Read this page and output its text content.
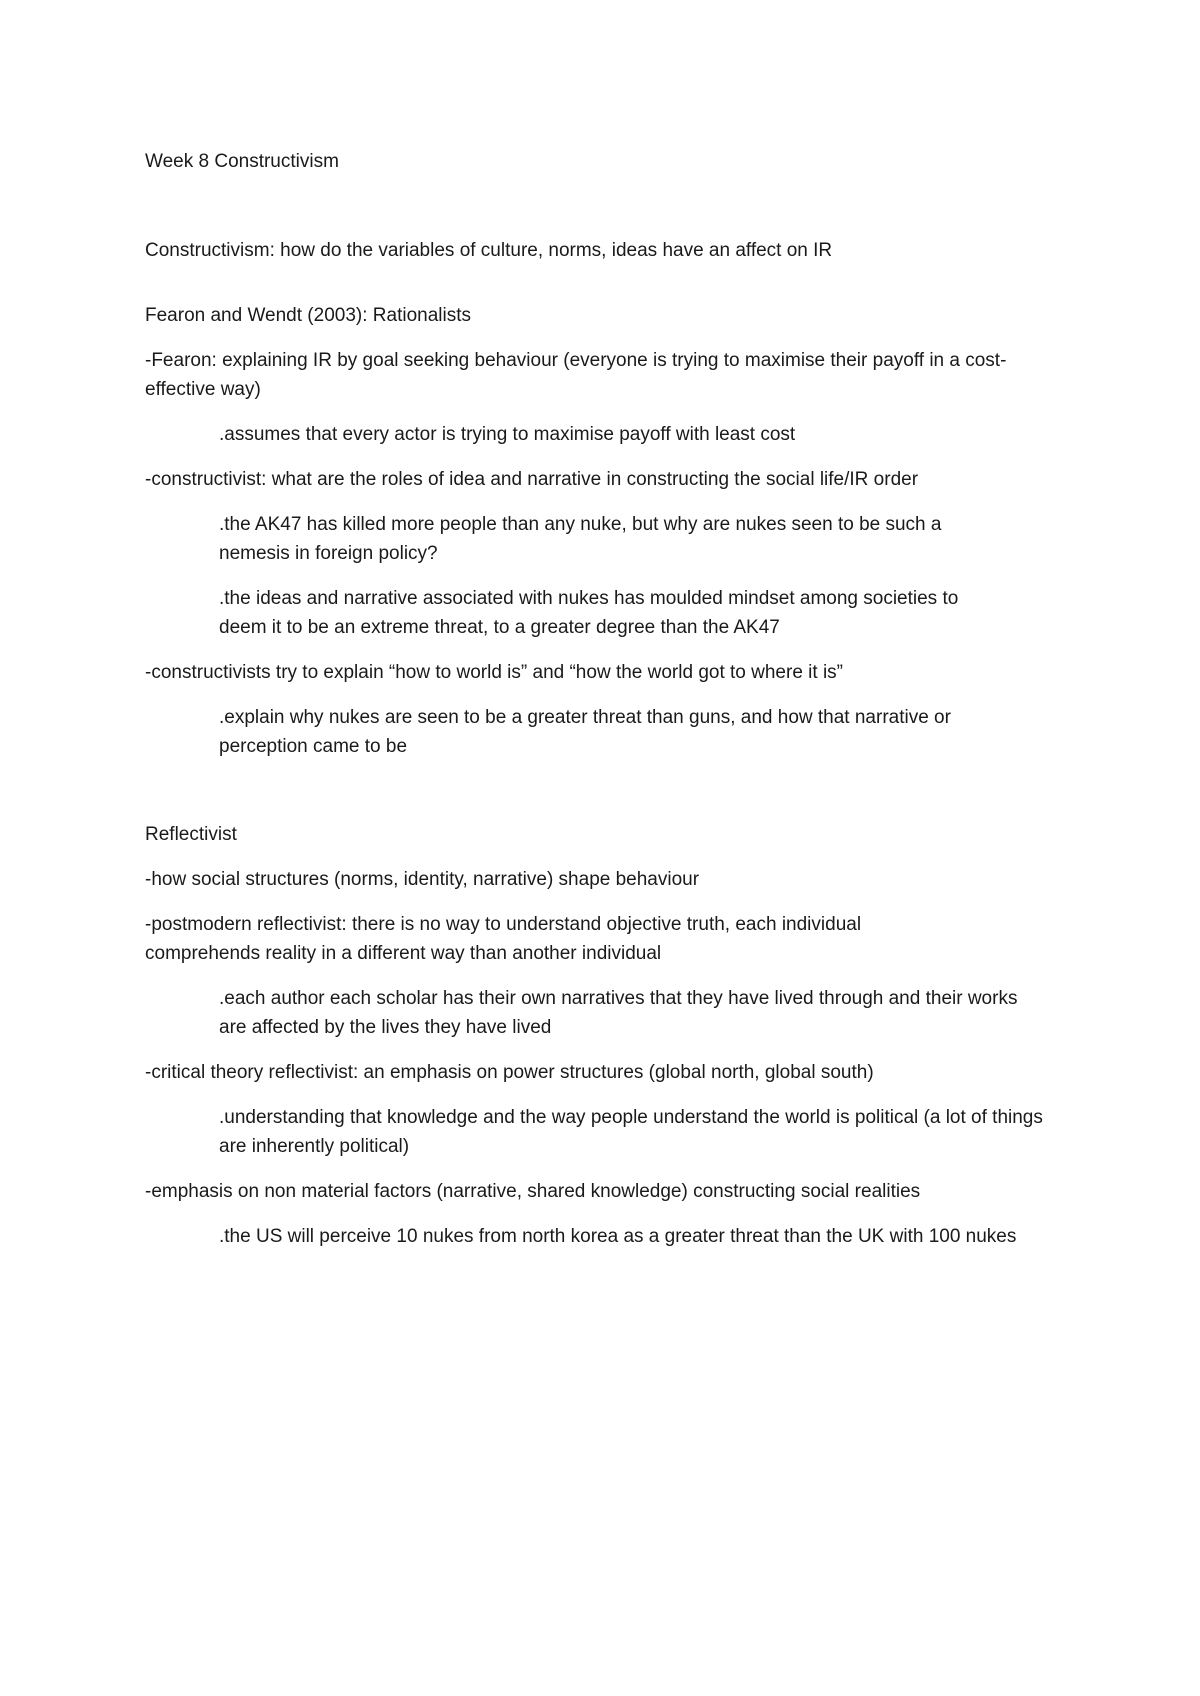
Week 8 Constructivism

Constructivism: how do the variables of culture, norms, ideas have an affect on IR

Fearon and Wendt (2003): Rationalists

-Fearon: explaining IR by goal seeking behaviour (everyone is trying to maximise their payoff in a cost-effective way)

.assumes that every actor is trying to maximise payoff with least cost

-constructivist: what are the roles of idea and narrative in constructing the social life/IR order

.the AK47 has killed more people than any nuke, but why are nukes seen to be such a nemesis in foreign policy?

.the ideas and narrative associated with nukes has moulded mindset among societies to deem it to be an extreme threat, to a greater degree than the AK47

-constructivists try to explain “how to world is” and “how the world got to where it is”

.explain why nukes are seen to be a greater threat than guns, and how that narrative or perception came to be

Reflectivist

-how social structures (norms, identity, narrative) shape behaviour

-postmodern reflectivist: there is no way to understand objective truth, each individual comprehends reality in a different way than another individual

.each author each scholar has their own narratives that they have lived through and their works are affected by the lives they have lived

-critical theory reflectivist: an emphasis on power structures (global north, global south)

.understanding that knowledge and the way people understand the world is political (a lot of things are inherently political)

-emphasis on non material factors (narrative, shared knowledge) constructing social realities

.the US will perceive 10 nukes from north korea as a greater threat than the UK with 100 nukes
